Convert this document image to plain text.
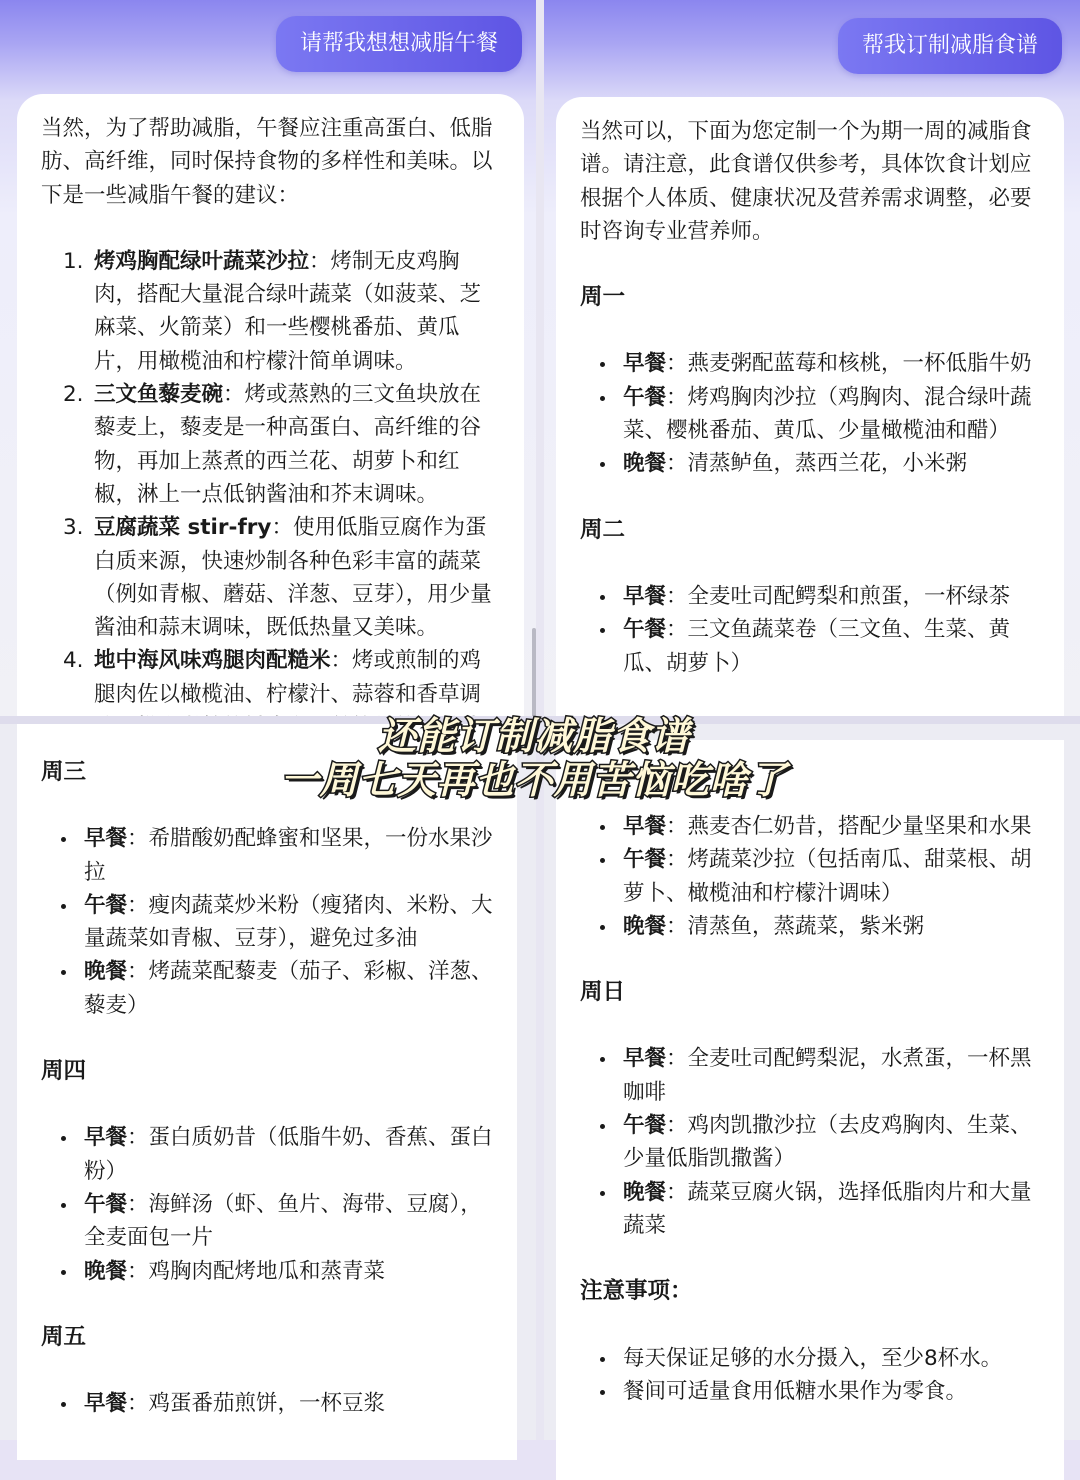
请帮我想想减脂午餐
当然，为了帮助减脂，午餐应注重高蛋白、低脂肪、高纤维，同时保持食物的多样性和美味。以下是一些减脂午餐的建议：
1. 烤鸡胸配绿叶蔬菜沙拉：烤制无皮鸡胸肉，搭配大量混合绿叶蔬菜（如菠菜、芝麻菜、火箭菜）和一些樱桃番茄、黄瓜片，用橄榄油和柠檬汁简单调味。
2. 三文鱼藜麦碗：烤或蒸熟的三文鱼块放在藜麦上，藜麦是一种高蛋白、高纤维的谷物，再加上蒸煮的西兰花、胡萝卜和红椒，淋上一点低钠酱油和芥末调味。
3. 豆腐蔬菜 stir-fry：使用低脂豆腐作为蛋白质来源，快速炒制各种色彩丰富的蔬菜（例如青椒、蘑菇、洋葱、豆芽），用少量酱油和蒜末调味，既低热量又美味。
4. 地中海风味鸡腿肉配糙米：烤或煎制的鸡腿肉佐以橄榄油、柠檬汁、蒜蓉和香草调
帮我订制减脂食谱
当然可以，下面为您定制一个为期一周的减脂食谱。请注意，此食谱仅供参考，具体饮食计划应根据个人体质、健康状况及营养需求调整，必要时咨询专业营养师。
周一
早餐：燕麦粥配蓝莓和核桃，一杯低脂牛奶
午餐：烤鸡胸肉沙拉（鸡胸肉、混合绿叶蔬菜、樱桃番茄、黄瓜、少量橄榄油和醋）
晚餐：清蒸鲈鱼，蒸西兰花，小米粥
周二
早餐：全麦吐司配鳄梨和煎蛋，一杯绿茶
午餐：三文鱼蔬菜卷（三文鱼、生菜、黄瓜、胡萝卜）
周三
早餐：希腊酸奶配蜂蜜和坚果，一份水果沙拉
午餐：瘦肉蔬菜炒米粉（瘦猪肉、米粉、大量蔬菜如青椒、豆芽），避免过多油
晚餐：烤蔬菜配藜麦（茄子、彩椒、洋葱、藜麦）
周四
早餐：蛋白质奶昔（低脂牛奶、香蕉、蛋白粉）
午餐：海鲜汤（虾、鱼片、海带、豆腐），全麦面包一片
晚餐：鸡胸肉配烤地瓜和蒸青菜
周五
早餐：鸡蛋番茄煎饼，一杯豆浆
早餐：燕麦杏仁奶昔，搭配少量坚果和水果
午餐：烤蔬菜沙拉（包括南瓜、甜菜根、胡萝卜、橄榄油和柠檬汁调味）
晚餐：清蒸鱼，蒸蔬菜，紫米粥
周日
早餐：全麦吐司配鳄梨泥，水煮蛋，一杯黑咖啡
午餐：鸡肉凯撒沙拉（去皮鸡胸肉、生菜、少量低脂凯撒酱）
晚餐：蔬菜豆腐火锅，选择低脂肉片和大量蔬菜
注意事项：
每天保证足够的水分摄入，至少8杯水。
餐间可适量食用低糖水果作为零食。
还能订制减脂食谱
一周七天再也不用苦恼吃啥了
